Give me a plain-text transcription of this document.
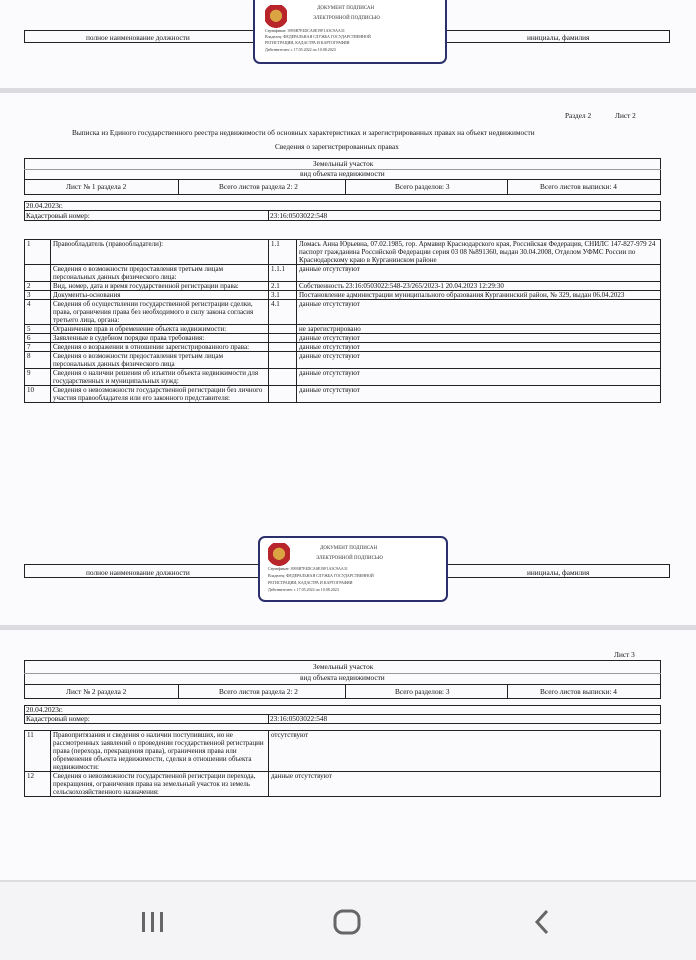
полное наименование должности	инициалы, фамилия
ДОКУМЕНТ ПОДПИСАН
ЭЛЕКТРОННОЙ ПОДПИСЬЮ
Сертификат: 3993B7F4DCA0E19F1A3C9AA31
Владелец: ФЕДЕРАЛЬНАЯ СЛУЖБА ГОСУДАРСТВЕННОЙ
РЕГИСТРАЦИИ, КАДАСТРА И КАРТОГРАФИИ
Действителен: с 17.05.2022 по 10.08.2023
Раздел 2	Лист 2
Выписка из Единого государственного реестра недвижимости об основных характеристиках и зарегистрированных правах на объект недвижимости
Сведения о зарегистрированных правах
Земельный участок
вид объекта недвижимости
Лист № 1 раздела 2	Всего листов раздела 2: 2	Всего разделов: 3	Всего листов выписки: 4
20.04.2023г.
Кадастровый номер:	23:16:0503022:548
1	Правообладатель (правообладатели):	1.1	Ломась Анна Юрьевна, 07.02.1985, гор. Армавир Краснодарского края, Российская Федерация, СНИЛС 147-827-979 24 паспорт гражданина Российской Федерации серия 03 08 №891360, выдан 30.04.2008, Отделом УФМС России по Краснодарскому краю в Курганинском районе
	Сведения о возможности предоставления третьим лицам персональных данных физического лица:	1.1.1	данные отсутствуют
2	Вид, номер, дата и время государственной регистрации права:	2.1	Собственность 23:16:0503022:548-23/265/2023-1 20.04.2023 12:29:30
3	Документы-основания	3.1	Постановление администрации муниципального образования Курганинский район, № 329, выдан 06.04.2023
4	Сведения об осуществлении государственной регистрации сделки, права, ограничения права без необходимого в силу закона согласия третьего лица, органа:	4.1	данные отсутствуют
5	Ограничение прав и обременение объекта недвижимости:		не зарегистрировано
6	Заявленные в судебном порядке права требования:		данные отсутствуют
7	Сведения о возражении в отношении зарегистрированного права:		данные отсутствуют
8	Сведения о возможности предоставления третьим лицам персональных данных физического лица		данные отсутствуют
9	Сведения о наличии решения об изъятии объекта недвижимости для государственных и муниципальных нужд:		данные отсутствуют
10	Сведения о невозможности государственной регистрации без личного участия правообладателя или его законного представителя:		данные отсутствуют
полное наименование должности	инициалы, фамилия
ДОКУМЕНТ ПОДПИСАН
ЭЛЕКТРОННОЙ ПОДПИСЬЮ
Сертификат: 3993B7F4DCA0E19F1A3C9AA31
Владелец: ФЕДЕРАЛЬНАЯ СЛУЖБА ГОСУДАРСТВЕННОЙ
РЕГИСТРАЦИИ, КАДАСТРА И КАРТОГРАФИИ
Действителен: с 17.05.2022 по 10.08.2023
Лист 3
Земельный участок
вид объекта недвижимости
Лист № 2 раздела 2	Всего листов раздела 2: 2	Всего разделов: 3	Всего листов выписки: 4
20.04.2023г.
Кадастровый номер:	23:16:0503022:548
11	Правопритязания и сведения о наличии поступивших, но не рассмотренных заявлений о проведении государственной регистрации права (перехода, прекращения права), ограничения права или обременения объекта недвижимости, сделки в отношении объекта недвижимости:	отсутствуют
12	Сведения о невозможности государственной регистрации перехода, прекращения, ограничения права на земельный участок из земель сельскохозяйственного назначения:	данные отсутствуют
